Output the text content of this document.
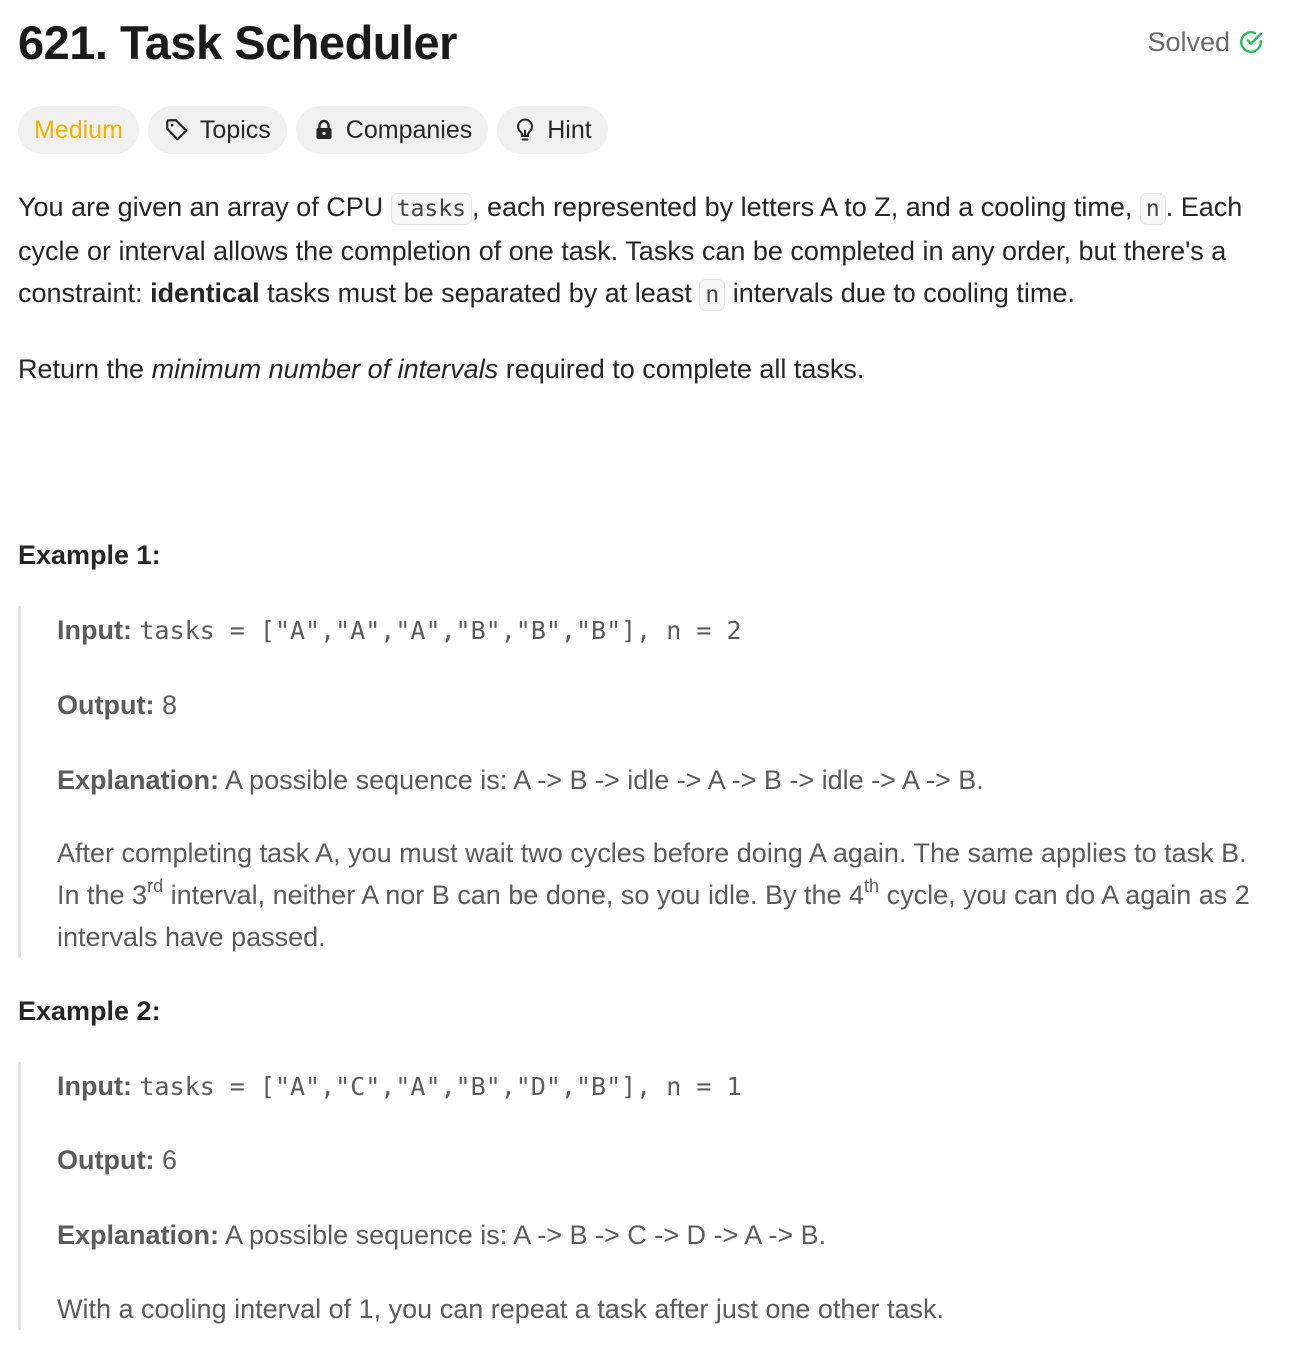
621. Task Scheduler	Solved
Medium	Topics	Companies	Hint

You are given an array of CPU tasks , each represented by letters A to Z, and a cooling time, n . Each cycle or interval allows the completion of one task. Tasks can be completed in any order, but there's a constraint: identical tasks must be separated by at least n intervals due to cooling time.

Return the minimum number of intervals required to complete all tasks.

Example 1:
Input: tasks = ["A","A","A","B","B","B"], n = 2
Output: 8
Explanation: A possible sequence is: A -> B -> idle -> A -> B -> idle -> A -> B.
After completing task A, you must wait two cycles before doing A again. The same applies to task B. In the 3rd interval, neither A nor B can be done, so you idle. By the 4th cycle, you can do A again as 2 intervals have passed.
Example 2:
Input: tasks = ["A","C","A","B","D","B"], n = 1
Output: 6
Explanation: A possible sequence is: A -> B -> C -> D -> A -> B.
With a cooling interval of 1, you can repeat a task after just one other task.
